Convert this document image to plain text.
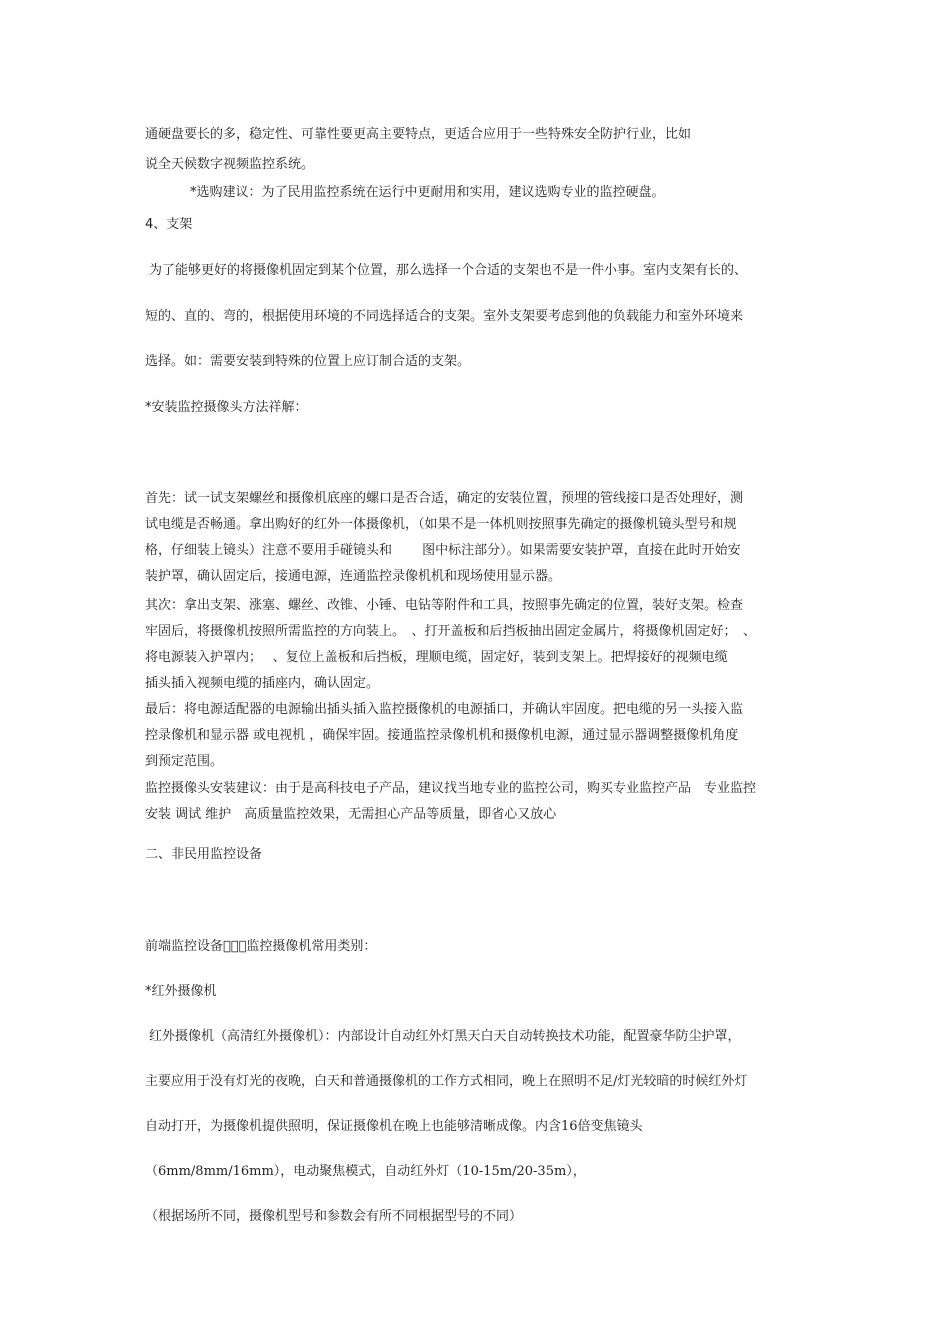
通硬盘要长的多，稳定性、可靠性要更高主要特点，更适合应用于一些特殊安全防护行业，比如
说全天候数字视频监控系统。
*选购建议：为了民用监控系统在运行中更耐用和实用，建议选购专业的监控硬盘。
4、支架
为了能够更好的将摄像机固定到某个位置，那么选择一个合适的支架也不是一件小事。室内支架有长的、
短的、直的、弯的，根据使用环境的不同选择适合的支架。室外支架要考虑到他的负载能力和室外环境来
选择。如：需要安装到特殊的位置上应订制合适的支架。
*安装监控摄像头方法祥解：
首先：试一试支架螺丝和摄像机底座的螺口是否合适，确定的安装位置，预埋的管线接口是否处理好，测
试电缆是否畅通。拿出购好的红外一体摄像机，（如果不是一体机则按照事先确定的摄像机镜头型号和规
格，仔细装上镜头）注意不要用手碰镜头和　　 图中标注部分）。如果需要安装护罩，直接在此时开始安
装护罩，确认固定后，接通电源，连通监控录像机机和现场使用显示器。
其次：拿出支架、涨塞、螺丝、改锥、小锤、电钻等附件和工具，按照事先确定的位置，装好支架。检查
牢固后，将摄像机按照所需监控的方向装上。　、打开盖板和后挡板抽出固定金属片，将摄像机固定好；　、
将电源装入护罩内；　 、复位上盖板和后挡板，理顺电缆，固定好，装到支架上。把焊接好的视频电缆
插头插入视频电缆的插座内，确认固定。
最后：将电源适配器的电源输出插头插入监控摄像机的电源插口，并确认牢固度。把电缆的另一头接入监
控录像机和显示器 或电视机 ，确保牢固。接通监控录像机机和摄像机电源，通过显示器调整摄像机角度
到预定范围。
监控摄像头安装建议：由于是高科技电子产品，建议找当地专业的监控公司，购买专业监控产品　专业监控
安装 调试 维护　高质量监控效果，无需担心产品等质量，即省心又放心
二、非民用监控设备
前端监控设备   监控摄像机常用类别：
*红外摄像机
红外摄像机（高清红外摄像机）：内部设计自动红外灯黑天白天自动转换技术功能，配置豪华防尘护罩，
主要应用于没有灯光的夜晚，白天和普通摄像机的工作方式相同，晚上在照明不足/灯光较暗的时候红外灯
自动打开，为摄像机提供照明，保证摄像机在晚上也能够清晰成像。内含16倍变焦镜头
（6mm/8mm/16mm），电动聚焦模式，自动红外灯（10-15m/20-35m），
（根据场所不同，摄像机型号和参数会有所不同根据型号的不同）
